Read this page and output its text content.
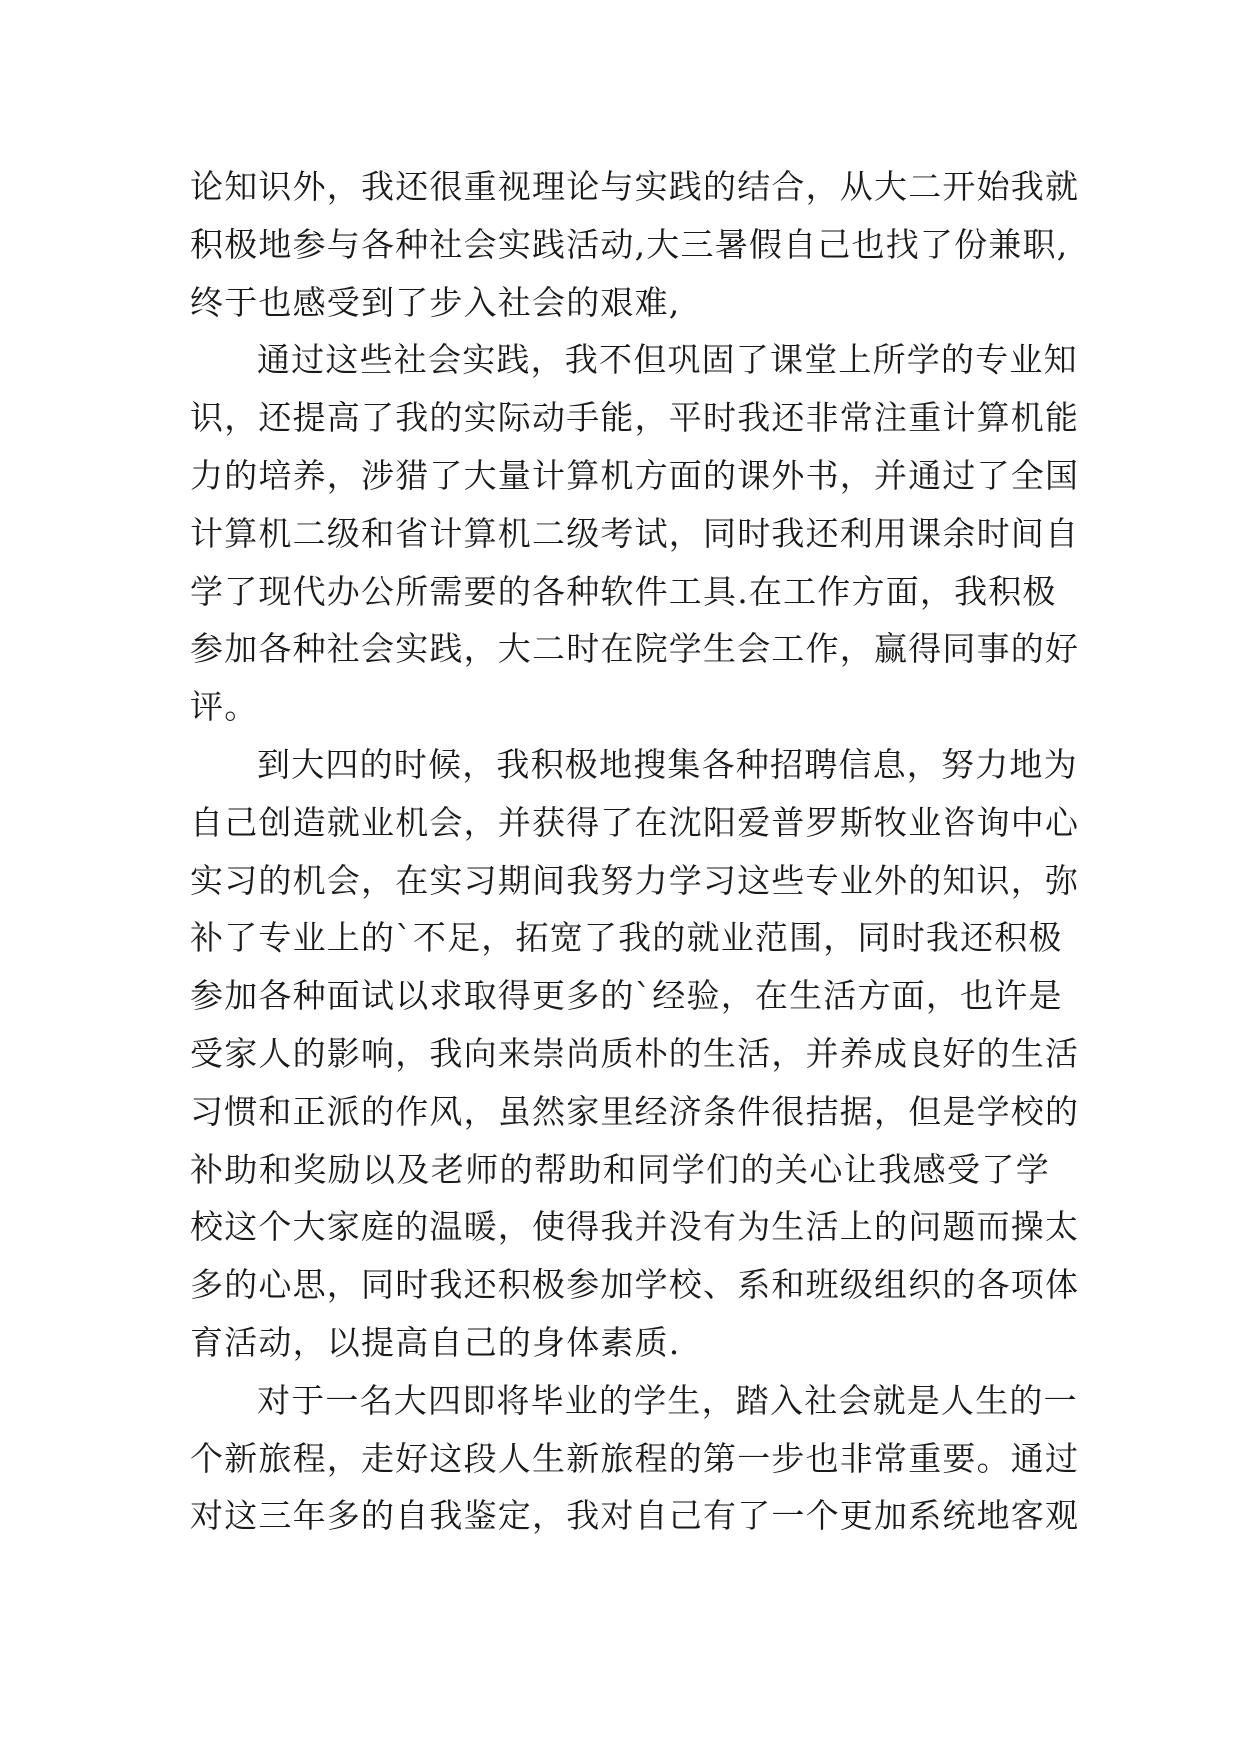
论知识外，我还很重视理论与实践的结合，从大二开始我就
积极地参与各种社会实践活动,大三暑假自己也找了份兼职,
终于也感受到了步入社会的艰难,
通过这些社会实践，我不但巩固了课堂上所学的专业知
识，还提高了我的实际动手能，平时我还非常注重计算机能
力的培养，涉猎了大量计算机方面的课外书，并通过了全国
计算机二级和省计算机二级考试，同时我还利用课余时间自
学了现代办公所需要的各种软件工具.在工作方面，我积极
参加各种社会实践，大二时在院学生会工作，赢得同事的好
评。
到大四的时候，我积极地搜集各种招聘信息，努力地为
自己创造就业机会，并获得了在沈阳爱普罗斯牧业咨询中心
实习的机会，在实习期间我努力学习这些专业外的知识，弥
补了专业上的`不足，拓宽了我的就业范围，同时我还积极
参加各种面试以求取得更多的`经验，在生活方面，也许是
受家人的影响，我向来崇尚质朴的生活，并养成良好的生活
习惯和正派的作风，虽然家里经济条件很拮据，但是学校的
补助和奖励以及老师的帮助和同学们的关心让我感受了学
校这个大家庭的温暖，使得我并没有为生活上的问题而操太
多的心思，同时我还积极参加学校、系和班级组织的各项体
育活动，以提高自己的身体素质.
对于一名大四即将毕业的学生，踏入社会就是人生的一
个新旅程，走好这段人生新旅程的第一步也非常重要。通过
对这三年多的自我鉴定，我对自己有了一个更加系统地客观
